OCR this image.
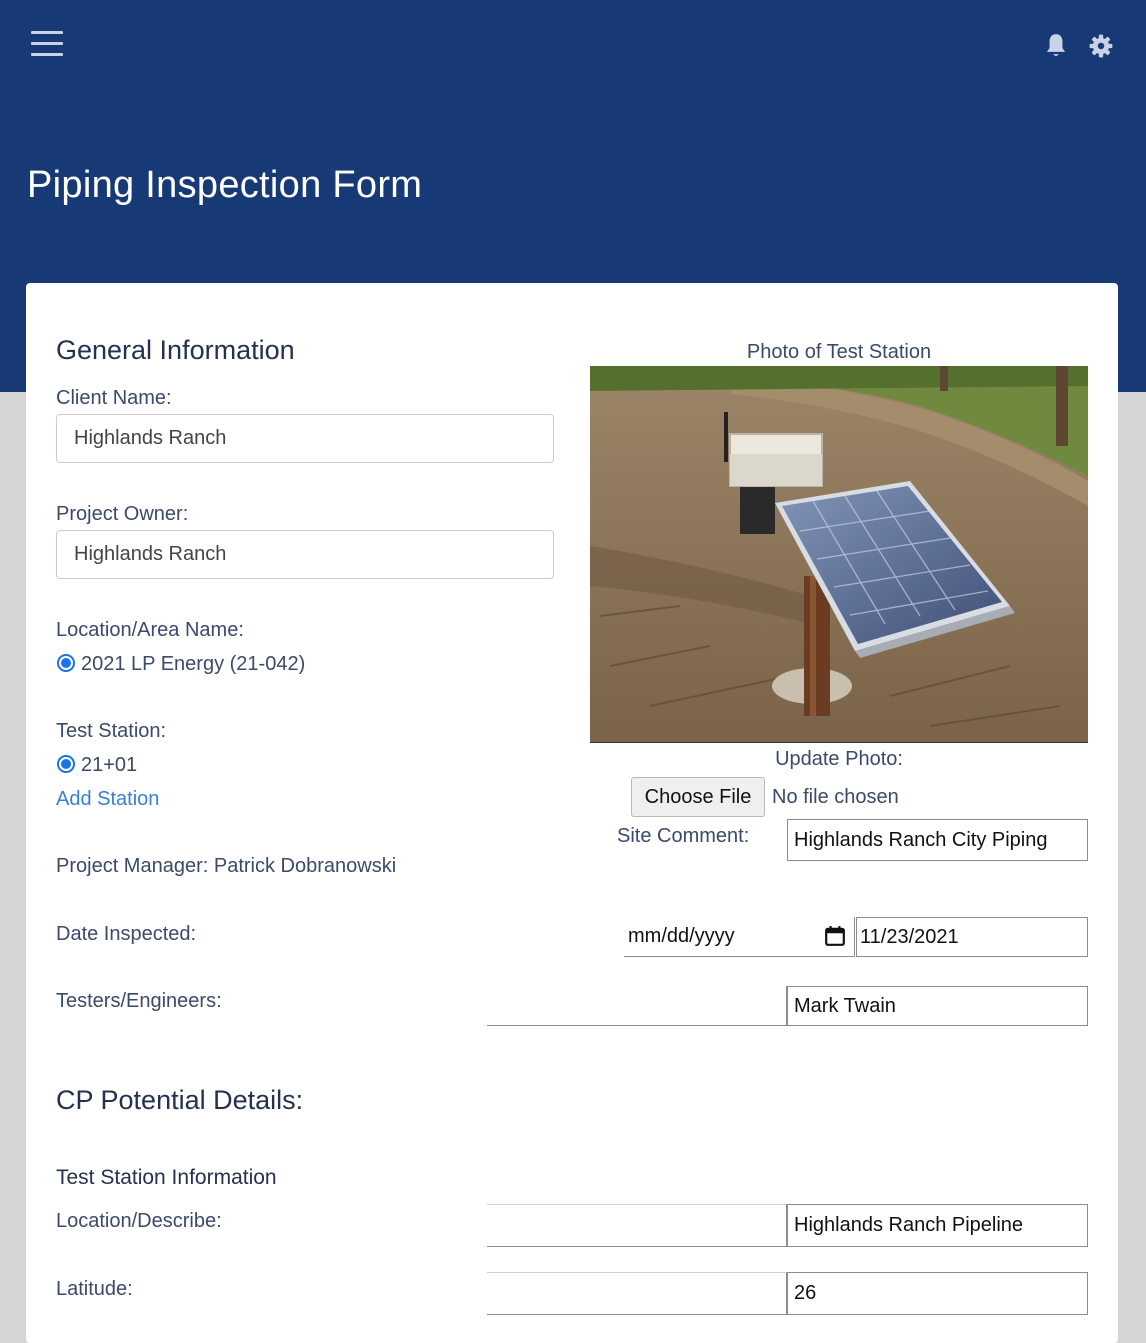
Piping Inspection Form
General Information
Client Name:
Highlands Ranch
Project Owner:
Highlands Ranch
Location/Area Name:
2021 LP Energy (21-042)
Test Station:
21+01
Add Station
Project Manager: Patrick Dobranowski
Date Inspected:	mm/dd/yyyy	11/23/2021
Testers/Engineers:	Mark Twain
Photo of Test Station
Update Photo:
Choose File	No file chosen
Site Comment:	Highlands Ranch City Piping
CP Potential Details:
Test Station Information
Location/Describe:	Highlands Ranch Pipeline
Latitude:	26
